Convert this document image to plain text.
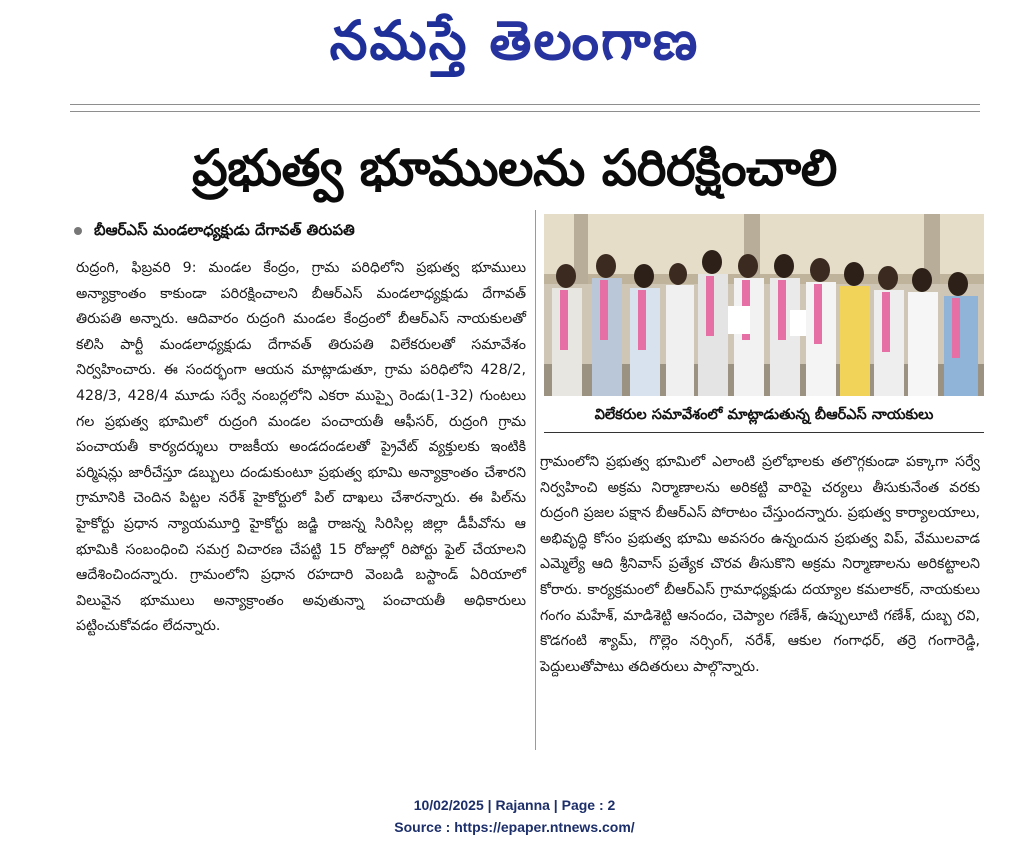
నమస్తే తెలంగాణ
ప్రభుత్వ భూములను పరిరక్షించాలి
బీఆర్ఎస్ మండలాధ్యక్షుడు దేగావత్ తిరుపతి
రుద్రంగి, ఫిబ్రవరి 9: మండల కేంద్రం, గ్రామ పరిధిలోని ప్రభుత్వ భూములు అన్యాక్రాంతం కాకుండా పరిరక్షించాలని బీఆర్ఎస్ మండలాధ్యక్షుడు దేగావత్ తిరుపతి అన్నారు. ఆదివారం రుద్రంగి మండల కేంద్రంలో బీఆర్ఎస్ నాయకులతో కలిసి పార్టీ మండలాధ్యక్షుడు దేగావత్ తిరుపతి విలేకరులతో సమావేశం నిర్వహించారు. ఈ సందర్భంగా ఆయన మాట్లాడుతూ, గ్రామ పరిధిలోని 428/2, 428/3, 428/4 మూడు సర్వే నంబర్లలోని ఎకరా ముప్పై రెండు(1-32) గుంటలు గల ప్రభుత్వ భూమిలో రుద్రంగి మండల పంచాయతీ ఆఫీసర్, రుద్రంగి గ్రామ పంచాయతీ కార్యదర్శులు రాజకీయ అండదండలతో ప్రైవేట్ వ్యక్తులకు ఇంటికి పర్మిషన్లు జారీచేస్తూ డబ్బులు దండుకుంటూ ప్రభుత్వ భూమి అన్యాక్రాంతం చేశారని గ్రామానికి చెందిన పిట్టల నరేశ్ హైకోర్టులో పిల్ దాఖలు చేశారన్నారు. ఈ పిల్‌ను హైకోర్టు ప్రధాన న్యాయమూర్తి హైకోర్టు జడ్జి రాజన్న సిరిసిల్ల జిల్లా డీపీవోను ఆ భూమికి సంబంధించి సమగ్ర విచారణ చేపట్టి 15 రోజుల్లో రిపోర్టు ఫైల్ చేయాలని ఆదేశించిందన్నారు. గ్రామంలోని ప్రధాన రహదారి వెంబడి బస్టాండ్ ఏరియాలో విలువైన భూములు అన్యాక్రాంతం అవుతున్నా పంచాయతీ అధికారులు పట్టించుకోవడం లేదన్నారు.
విలేకరుల సమావేశంలో మాట్లాడుతున్న బీఆర్ఎస్ నాయకులు
గ్రామంలోని ప్రభుత్వ భూమిలో ఎలాంటి ప్రలోభాలకు తలొగ్గకుండా పక్కాగా సర్వే నిర్వహించి అక్రమ నిర్మాణాలను అరికట్టి వారిపై చర్యలు తీసుకునేంత వరకు రుద్రంగి ప్రజల పక్షాన బీఆర్ఎస్ పోరాటం చేస్తుందన్నారు. ప్రభుత్వ కార్యాలయాలు, అభివృద్ధి కోసం ప్రభుత్వ భూమి అవసరం ఉన్నందున ప్రభుత్వ విప్, వేములవాడ ఎమ్మెల్యే ఆది శ్రీనివాస్ ప్రత్యేక చొరవ తీసుకొని అక్రమ నిర్మాణాలను అరికట్టాలని కోరారు. కార్యక్రమంలో బీఆర్ఎస్ గ్రామాధ్యక్షుడు దయ్యాల కమలాకర్, నాయకులు గంగం మహేశ్, మాడిశెట్టి ఆనందం, చెప్యాల గణేశ్, ఉప్పులూటి గణేశ్, దుబ్బ రవి, కొడగంటి శ్యామ్, గొల్లెం నర్సింగ్, నరేశ్, ఆకుల గంగాధర్, తర్రె గంగారెడ్డి, పెద్దులుతోపాటు తదితరులు పాల్గొన్నారు.
10/02/2025 | Rajanna | Page : 2
Source : https://epaper.ntnews.com/
